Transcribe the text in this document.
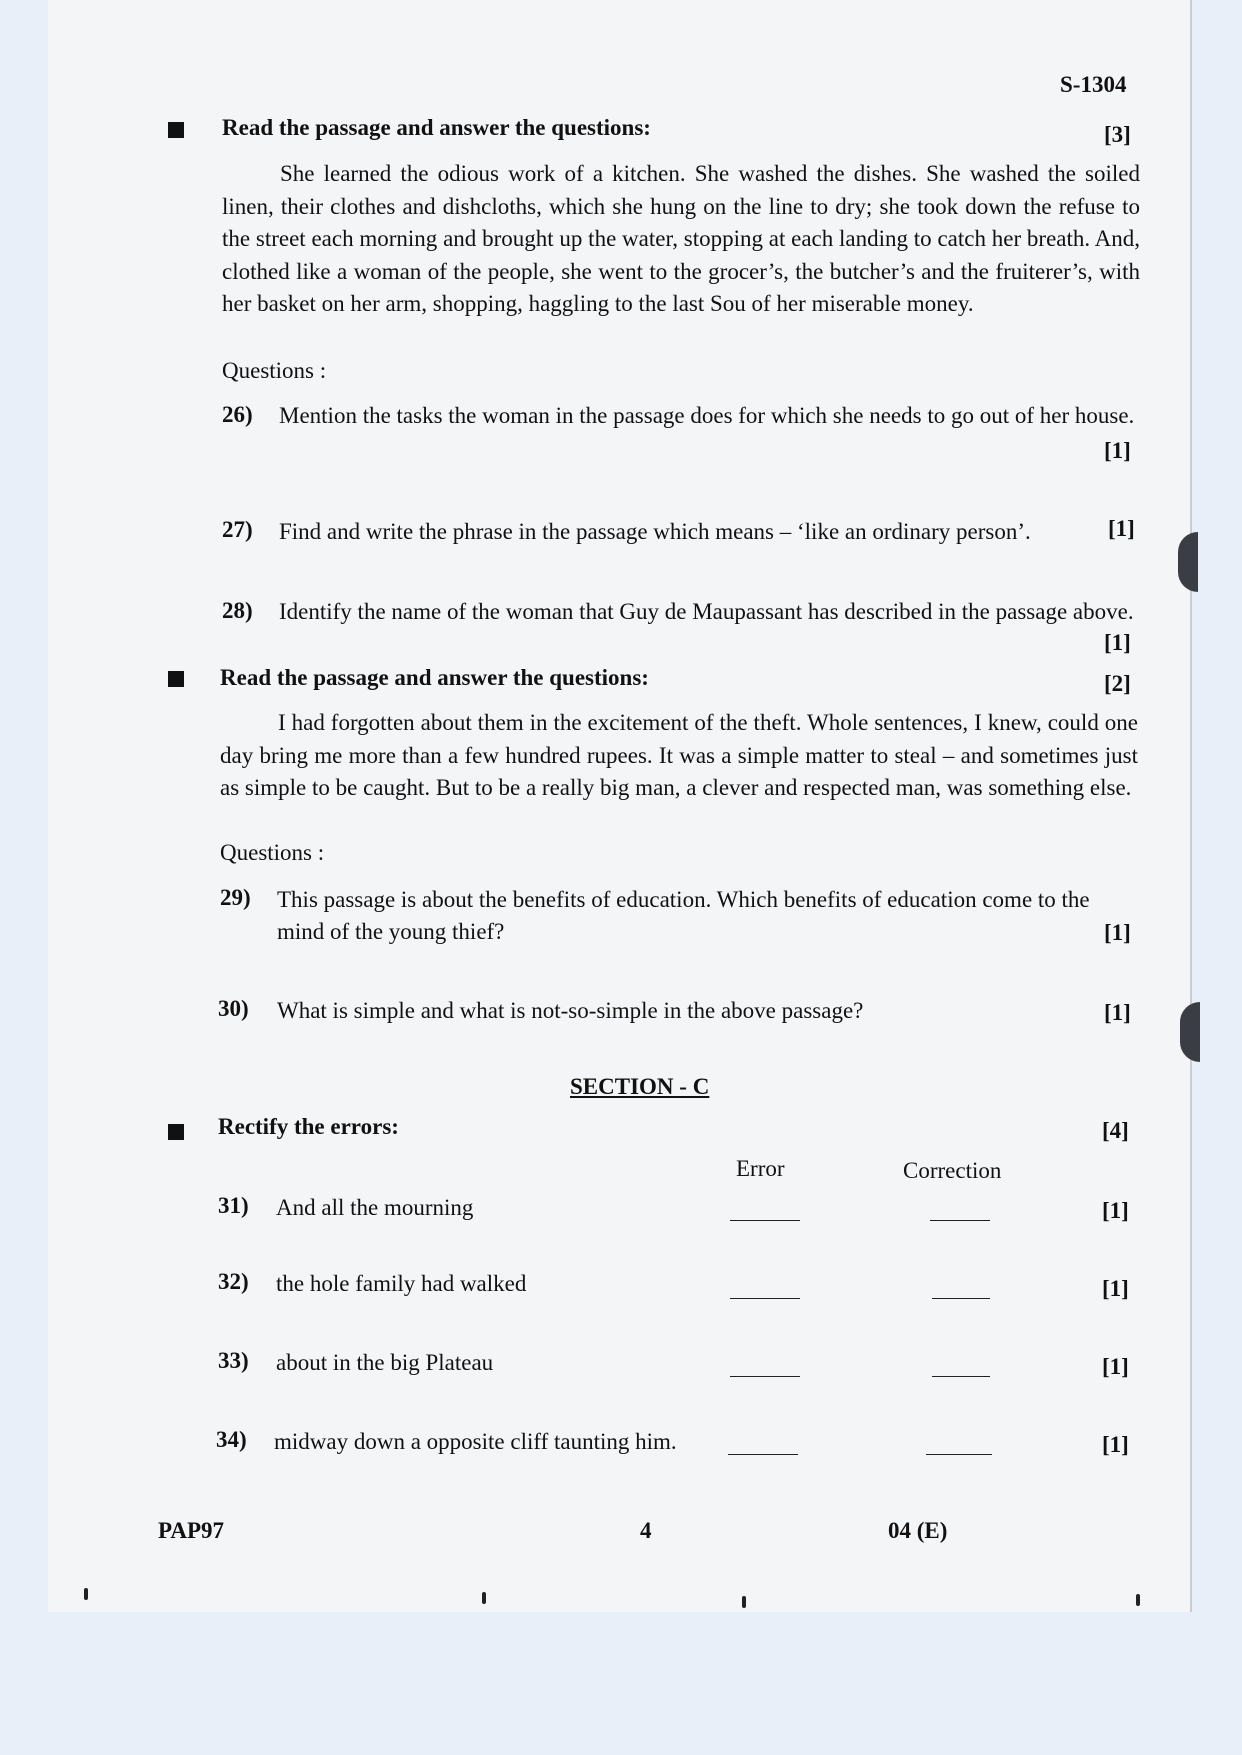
S-1304
Read the passage and answer the questions:	[3]
She learned the odious work of a kitchen. She washed the dishes. She washed the soiled linen, their clothes and dishcloths, which she hung on the line to dry; she took down the refuse to the street each morning and brought up the water, stopping at each landing to catch her breath. And, clothed like a woman of the people, she went to the grocer’s, the butcher’s and the fruiterer’s, with her basket on her arm, shopping, haggling to the last Sou of her miserable money.
Questions :
26) Mention the tasks the woman in the passage does for which she needs to go out of her house.
[1]
27) Find and write the phrase in the passage which means – ‘like an ordinary person’.	[1]
28) Identify the name of the woman that Guy de Maupassant has described in the passage above.
[1]
Read the passage and answer the questions:	[2]
I had forgotten about them in the excitement of the theft. Whole sentences, I knew, could one day bring me more than a few hundred rupees. It was a simple matter to steal – and sometimes just as simple to be caught. But to be a really big man, a clever and respected man, was something else.
Questions :
29) This passage is about the benefits of education. Which benefits of education come to the mind of the young thief?	[1]
30) What is simple and what is not-so-simple in the above passage?	[1]
SECTION - C
Rectify the errors:	[4]
Error	Correction
31) And all the mourning	[1]
32) the hole family had walked	[1]
33) about in the big Plateau	[1]
34) midway down a opposite cliff taunting him.	[1]
PAP97	4	04 (E)
